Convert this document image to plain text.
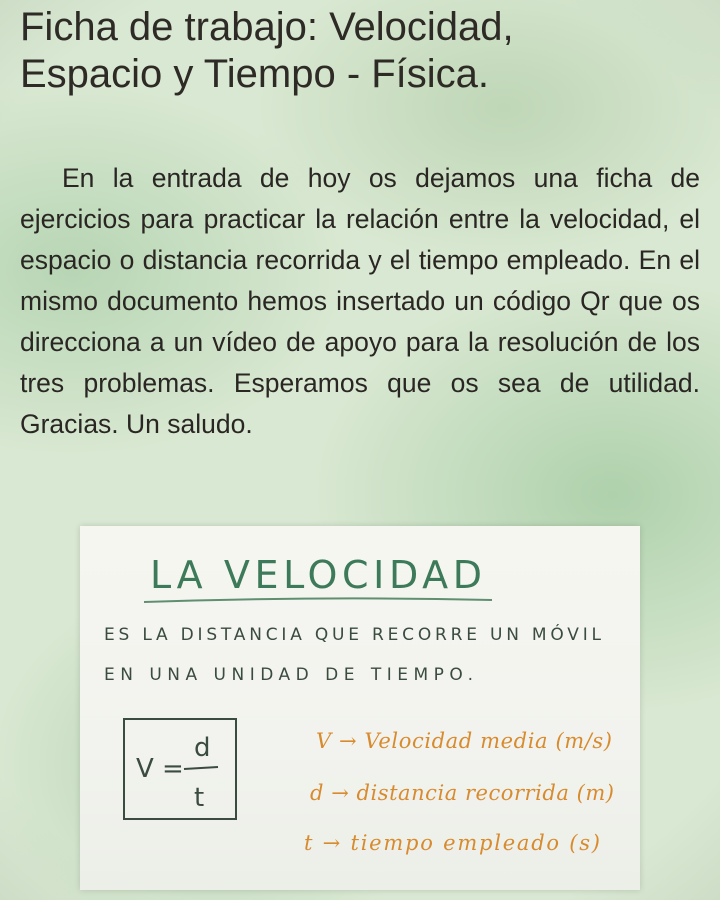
Ficha de trabajo: Velocidad,
Espacio y Tiempo - Física.

En la entrada de hoy os dejamos una ficha de ejercicios para practicar la relación entre la velocidad, el espacio o distancia recorrida y el tiempo empleado. En el mismo documento hemos insertado un código Qr que os direcciona a un vídeo de apoyo para la resolución de los tres problemas. Esperamos que os sea de utilidad. Gracias. Un saludo.

LA VELOCIDAD
ES LA DISTANCIA QUE RECORRE UN MÓVIL
EN UNA UNIDAD DE TIEMPO.
V =
d
t
V → Velocidad media (m/s)
d → distancia recorrida (m)
t → tiempo empleado (s)
